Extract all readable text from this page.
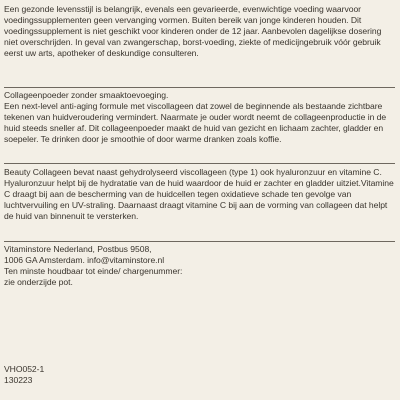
Een gezonde levensstijl is belangrijk, evenals een gevarieerde, evenwichtige voeding waarvoor voedingssupplementen geen vervanging vormen. Buiten bereik van jonge kinderen houden. Dit voedingssupplement is niet geschikt voor kinderen onder de 12 jaar. Aanbevolen dagelijkse dosering niet overschrijden. In geval van zwangerschap, borst-voeding, ziekte of medicijngebruik vóór gebruik eerst uw arts, apotheker of deskundige consulteren.

Collageenpoeder zonder smaaktoevoeging.

Een next-level anti-aging formule met viscollageen dat zowel de beginnende als bestaande zichtbare tekenen van huidveroudering vermindert. Naarmate je ouder wordt neemt de collageenproductie in de huid steeds sneller af. Dit collageenpoeder maakt de huid van gezicht en lichaam zachter, gladder en soepeler. Te drinken door je smoothie of door warme dranken zoals koffie.

Beauty Collageen bevat naast gehydrolyseerd viscollageen (type 1) ook hyaluronzuur en vitamine C. Hyaluronzuur helpt bij de hydratatie van de huid waardoor de huid er zachter en gladder uitziet.Vitamine C draagt bij aan de bescherming van de huidcellen tegen oxidatieve schade ten gevolge van luchtvervuiling en UV-straling. Daarnaast draagt vitamine C bij aan de vorming van collageen dat helpt de huid van binnenuit te versterken.

Vitaminstore Nederland, Postbus 9508,

1006 GA Amsterdam. info@vitaminstore.nl

Ten minste houdbaar tot einde/ chargenummer:

zie onderzijde pot.

VHO052-1

130223
